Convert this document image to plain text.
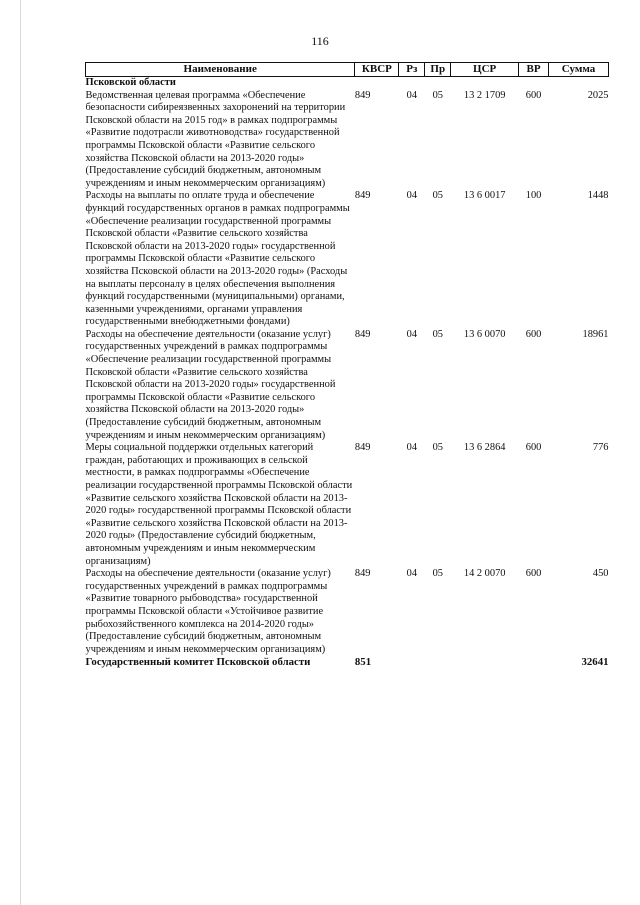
116
Наименование	КВСР	Рз	Пр	ЦСР	ВР	Сумма
Псковской области						
Ведомственная целевая программа «Обеспечение безопасности сибиреязвенных захоронений на территории Псковской области на 2015 год» в рамках подпрограммы «Развитие подотрасли животноводства» государственной программы Псковской области «Развитие сельского хозяйства Псковской области на 2013-2020 годы» (Предоставление субсидий бюджетным, автономным учреждениям и иным некоммерческим организациям)	849	04	05	13 2 1709	600	2025
Расходы на выплаты по оплате труда и обеспечение функций государственных органов в рамках подпрограммы «Обеспечение реализации государственной программы Псковской области «Развитие сельского хозяйства Псковской области на 2013-2020 годы» государственной программы Псковской области «Развитие сельского хозяйства Псковской области на 2013-2020 годы» (Расходы на выплаты персоналу в целях обеспечения выполнения функций государственными (муниципальными) органами, казенными учреждениями, органами управления государственными внебюджетными фондами)	849	04	05	13 6 0017	100	1448
Расходы на обеспечение деятельности (оказание услуг) государственных учреждений в рамках подпрограммы «Обеспечение реализации государственной программы Псковской области «Развитие сельского хозяйства Псковской области на 2013-2020 годы» государственной программы Псковской области «Развитие сельского хозяйства Псковской области на 2013-2020 годы» (Предоставление субсидий бюджетным, автономным учреждениям и иным некоммерческим организациям)	849	04	05	13 6 0070	600	18961
Меры социальной поддержки отдельных категорий граждан, работающих и проживающих в сельской местности, в рамках подпрограммы «Обеспечение реализации государственной программы Псковской области «Развитие сельского хозяйства Псковской области на 2013-2020 годы» государственной программы Псковской области «Развитие сельского хозяйства Псковской области на 2013-2020 годы» (Предоставление субсидий бюджетным, автономным учреждениям и иным некоммерческим организациям)	849	04	05	13 6 2864	600	776
Расходы на обеспечение деятельности (оказание услуг) государственных учреждений в рамках подпрограммы «Развитие товарного рыбоводства» государственной программы Псковской области «Устойчивое развитие рыбохозяйственного комплекса на 2014-2020 годы» (Предоставление субсидий бюджетным, автономным учреждениям и иным некоммерческим организациям)	849	04	05	14 2 0070	600	450
Государственный комитет Псковской области	851					32641
